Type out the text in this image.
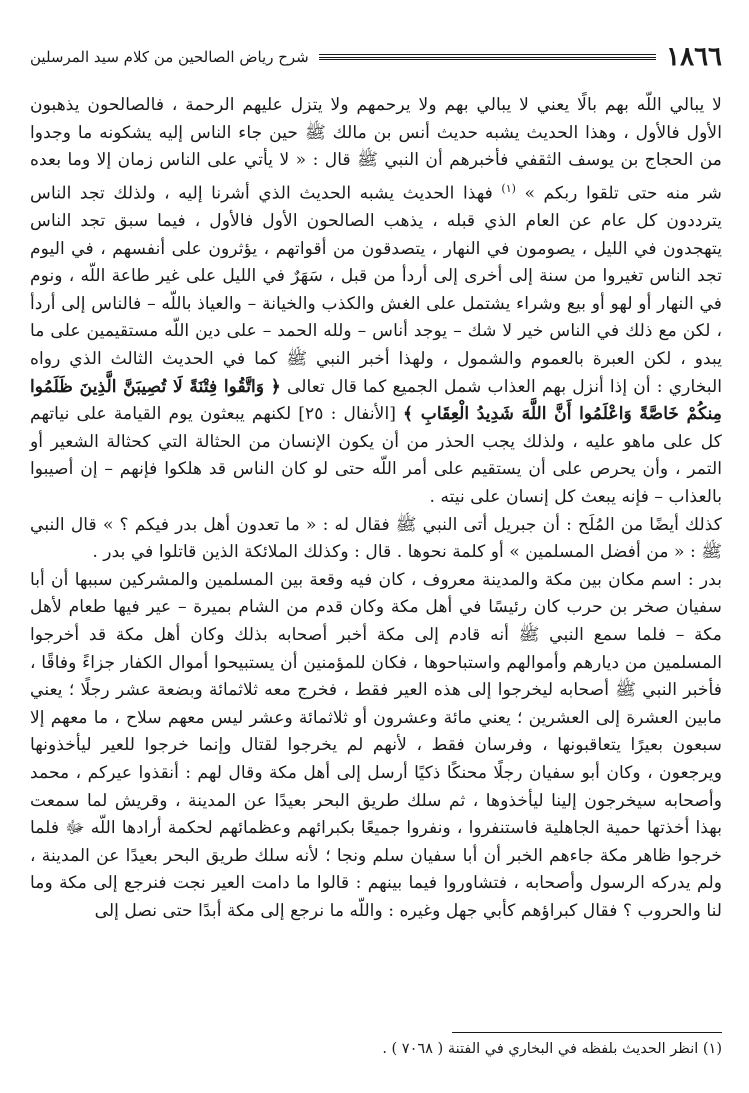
١٨٦٦
شرح رياض الصالحين من كلام سيد المرسلين

لا يبالي اللّه بهم بالًا يعني لا يبالي بهم ولا يرحمهم ولا يتزل عليهم الرحمة ، فالصالحون يذهبون الأول فالأول ، وهذا الحديث يشبه حديث أنس بن مالك ﷺ حين جاء الناس إليه يشكونه ما وجدوا من الحجاج بن يوسف الثقفي فأخبرهم أن النبي ﷺ قال : « لا يأتي على الناس زمان إلا وما بعده شر منه حتى تلقوا ربكم » $^{(١)}$ فهذا الحديث يشبه الحديث الذي أشرنا إليه ، ولذلك تجد الناس يترددون كل عام عن العام الذي قبله ، يذهب الصالحون الأول فالأول ، فيما سبق تجد الناس يتهجدون في الليل ، يصومون في النهار ، يتصدقون من أقواتهم ، يؤثرون على أنفسهم ، في اليوم تجد الناس تغيروا من سنة إلى أخرى إلى أردأ من قبل ، سَهَرٌ في الليل على غير طاعة اللّه ، ونوم في النهار أو لهو أو بيع وشراء يشتمل على الغش والكذب والخيانة – والعياذ باللّه – فالناس إلى أردأ ، لكن مع ذلك في الناس خير لا شك – يوجد أناس – ولله الحمد – على دين اللّه مستقيمين على ما يبدو ، لكن العبرة بالعموم والشمول ، ولهذا أخبر النبي ﷺ كما في الحديث الثالث الذي رواه البخاري : أن إذا أنزل بهم العذاب شمل الجميع كما قال تعالى ﴿ وَاتَّقُوا فِتْنَةً لَا تُصِيبَنَّ الَّذِينَ ظَلَمُوا مِنكُمْ خَاصَّةً وَاعْلَمُوا أَنَّ اللَّهَ شَدِيدُ الْعِقَابِ ﴾ [الأنفال : ٢٥] لكنهم يبعثون يوم القيامة على نياتهم كل على ماهو عليه ، ولذلك يجب الحذر من أن يكون الإنسان من الحثالة التي كحثالة الشعير أو التمر ، وأن يحرص على أن يستقيم على أمر اللّه حتى لو كان الناس قد هلكوا فإنهم – إن أصيبوا بالعذاب – فإنه يبعث كل إنسان على نيته .

كذلك أيضًا من المُلَح : أن جبريل أتى النبي ﷺ فقال له : « ما تعدون أهل بدر فيكم ؟ » قال النبي ﷺ : « من أفضل المسلمين » أو كلمة نحوها . قال : وكذلك الملائكة الذين قاتلوا في بدر .

بدر : اسم مكان بين مكة والمدينة معروف ، كان فيه وقعة بين المسلمين والمشركين سببها أن أبا سفيان صخر بن حرب كان رئيسًا في أهل مكة وكان قدم من الشام بميرة – عير فيها طعام لأهل مكة – فلما سمع النبي ﷺ أنه قادم إلى مكة أخبر أصحابه بذلك وكان أهل مكة قد أخرجوا المسلمين من ديارهم وأموالهم واستباحوها ، فكان للمؤمنين أن يستبيحوا أموال الكفار جزاءً وفاقًا ، فأخبر النبي ﷺ أصحابه ليخرجوا إلى هذه العير فقط ، فخرج معه ثلاثمائة وبضعة عشر رجلًا ؛ يعني مابين العشرة إلى العشرين ؛ يعني مائة وعشرون أو ثلاثمائة وعشر ليس معهم سلاح ، ما معهم إلا سبعون بعيرًا يتعاقبونها ، وفرسان فقط ، لأنهم لم يخرجوا لقتال وإنما خرجوا للعير ليأخذونها ويرجعون ، وكان أبو سفيان رجلًا محنكًا ذكيًا أرسل إلى أهل مكة وقال لهم : أنقذوا عيركم ، محمد وأصحابه سيخرجون إلينا ليأخذوها ، ثم سلك طريق البحر بعيدًا عن المدينة ، وقريش لما سمعت بهذا أخذتها حمية الجاهلية فاستنفروا ، ونفروا جميعًا بكبرائهم وعظمائهم لحكمة أرادها اللّه ﷻ فلما خرجوا ظاهر مكة جاءهم الخبر أن أبا سفيان سلم ونجا ؛ لأنه سلك طريق البحر بعيدًا عن المدينة ، ولم يدركه الرسول وأصحابه ، فتشاوروا فيما بينهم : قالوا ما دامت العير نجت فنرجع إلى مكة وما لنا والحروب ؟ فقال كبراؤهم كأبي جهل وغيره : واللّه ما نرجع إلى مكة أبدًا حتى نصل إلى

(١) انظر الحديث بلفظه في البخاري في الفتنة ( ٧٠٦٨ ) .
